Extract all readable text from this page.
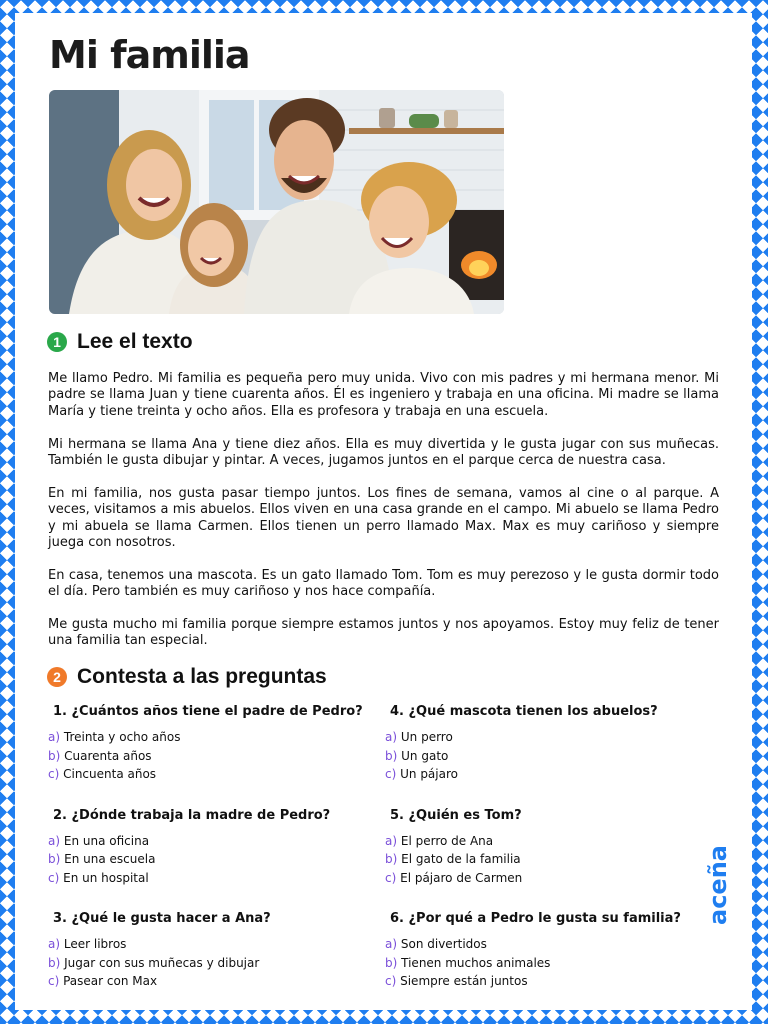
Mi familia
1 Lee el texto

Me llamo Pedro. Mi familia es pequeña pero muy unida. Vivo con mis padres y mi hermana menor. Mi padre se llama Juan y tiene cuarenta años. Él es ingeniero y trabaja en una oficina. Mi madre se llama María y tiene treinta y ocho años. Ella es profesora y trabaja en una escuela.

Mi hermana se llama Ana y tiene diez años. Ella es muy divertida y le gusta jugar con sus muñecas. También le gusta dibujar y pintar. A veces, jugamos juntos en el parque cerca de nuestra casa.

En mi familia, nos gusta pasar tiempo juntos. Los fines de semana, vamos al cine o al parque. A veces, visitamos a mis abuelos. Ellos viven en una casa grande en el campo. Mi abuelo se llama Pedro y mi abuela se llama Carmen. Ellos tienen un perro llamado Max. Max es muy cariñoso y siempre juega con nosotros.

En casa, tenemos una mascota. Es un gato llamado Tom. Tom es muy perezoso y le gusta dormir todo el día. Pero también es muy cariñoso y nos hace compañía.

Me gusta mucho mi familia porque siempre estamos juntos y nos apoyamos. Estoy muy feliz de tener una familia tan especial.

2 Contesta a las preguntas
1. ¿Cuántos años tiene el padre de Pedro?
a) Treinta y ocho años
b) Cuarenta años
c) Cincuenta años
4. ¿Qué mascota tienen los abuelos?
a) Un perro
b) Un gato
c) Un pájaro
2. ¿Dónde trabaja la madre de Pedro?
a) En una oficina
b) En una escuela
c) En un hospital
5. ¿Quién es Tom?
a) El perro de Ana
b) El gato de la familia
c) El pájaro de Carmen
3. ¿Qué le gusta hacer a Ana?
a) Leer libros
b) Jugar con sus muñecas y dibujar
c) Pasear con Max
6. ¿Por qué a Pedro le gusta su familia?
a) Son divertidos
b) Tienen muchos animales
c) Siempre están juntos
aceña
